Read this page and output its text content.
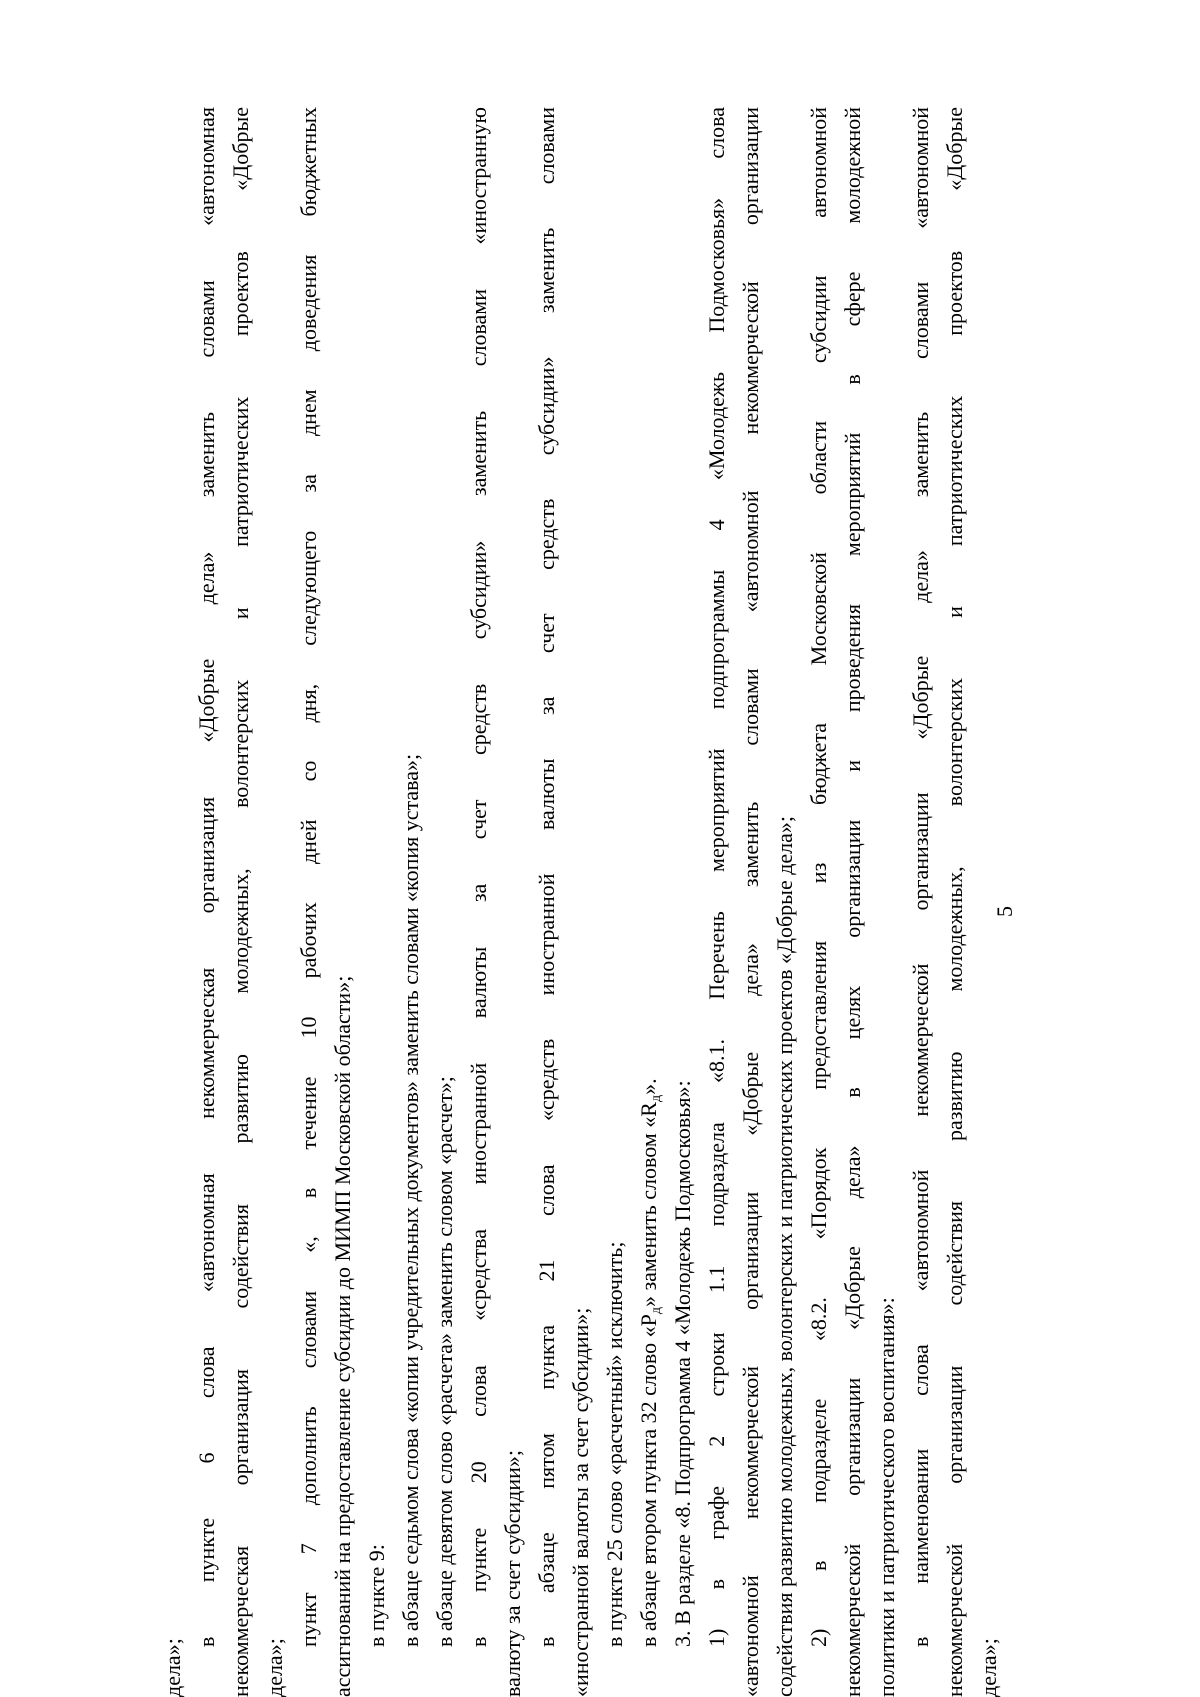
5
дела»;
в пункте 6 слова «автономная некоммерческая организация «Добрые дела» заменить словами «автономная некоммерческая организация содействия развитию молодежных, волонтерских и патриотических проектов «Добрые дела»;
пункт 7 дополнить словами «, в течение 10 рабочих дней со дня, следующего за днем доведения бюджетных ассигнований на предоставление субсидии до МИМП Московской области»; в пункте 9: в абзаце седьмом слова «копии учредительных документов» заменить словами «копия устава»; в абзаце девятом слово «расчета» заменить словом «расчет»; в пункте 20 слова «средства иностранной валюты за счет средств субсидии» заменить словами «иностранную валюту за счет субсидии»; в абзаце пятом пункта 21 слова «средств иностранной валюты за счет средств субсидии» заменить словами «иностранной валюты за счет субсидии»; в пункте 25 слово «расчетный» исключить; в абзаце втором пункта 32 слово «$Р_д$» заменить словом «$R_д$». 3. В разделе «8. Подпрограмма 4 «Молодежь Подмосковья»: 1) в графе 2 строки 1.1 подраздела «8.1. Перечень мероприятий подпрограммы 4 «Молодежь Подмосковья» слова «автономной некоммерческой организации «Добрые дела» заменить словами «автономной некоммерческой организации содействия развитию молодежных, волонтерских и патриотических проектов «Добрые дела»; 2) в подразделе «8.2. «Порядок предоставления из бюджета Московской области субсидии автономной некоммерческой организации «Добрые дела» в целях организации и проведения мероприятий в сфере молодежной политики и патриотического воспитания»: в наименовании слова «автономной некоммерческой организации «Добрые дела» заменить словами «автономной некоммерческой организации содействия развитию молодежных, волонтерских и патриотических проектов «Добрые дела»;
